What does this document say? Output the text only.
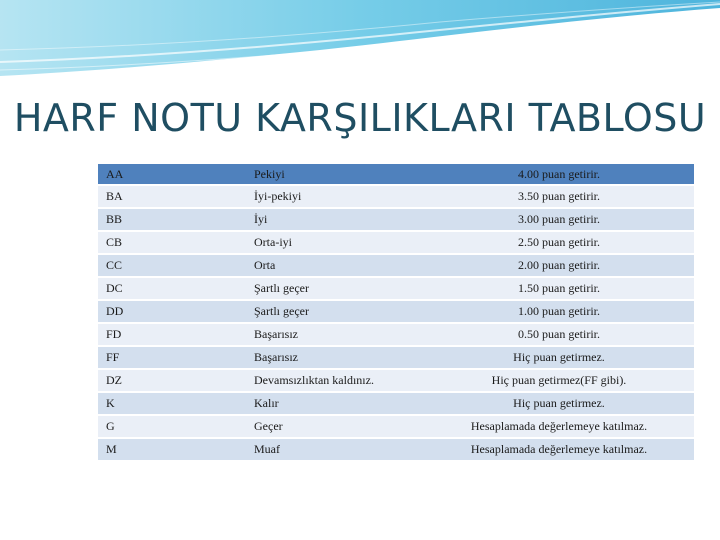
HARF NOTU KARŞILIKLARI TABLOSU
AA	Pekiyi	4.00 puan getirir.
BA	İyi-pekiyi	3.50 puan getirir.
BB	İyi	3.00 puan getirir.
CB	Orta-iyi	2.50 puan getirir.
CC	Orta	2.00 puan getirir.
DC	Şartlı geçer	1.50 puan getirir.
DD	Şartlı geçer	1.00 puan getirir.
FD	Başarısız	0.50 puan getirir.
FF	Başarısız	Hiç puan getirmez.
DZ	Devamsızlıktan kaldınız.	Hiç puan getirmez(FF gibi).
K	Kalır	Hiç puan getirmez.
G	Geçer	Hesaplamada değerlemeye katılmaz.
M	Muaf	Hesaplamada değerlemeye katılmaz.
